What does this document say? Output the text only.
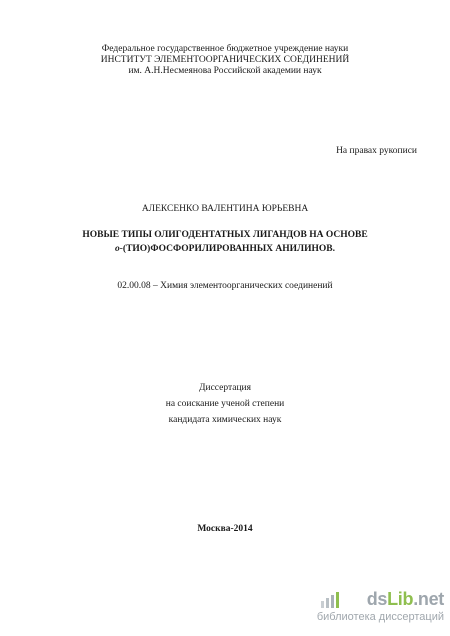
Федеральное государственное бюджетное учреждение науки
ИНСТИТУТ ЭЛЕМЕНТООРГАНИЧЕСКИХ СОЕДИНЕНИЙ
им. А.Н.Несмеянова Российской академии наук
На правах рукописи
АЛЕКСЕНКО ВАЛЕНТИНА ЮРЬЕВНА
НОВЫЕ ТИПЫ ОЛИГОДЕНТАТНЫХ ЛИГАНДОВ НА ОСНОВЕ
о-(ТИО)ФОСФОРИЛИРОВАННЫХ АНИЛИНОВ.
02.00.08 – Химия элементоорганических соединений
Диссертация
на соискание ученой степени
кандидата химических наук
Москва-2014
dsLib.net
библиотека диссертаций
